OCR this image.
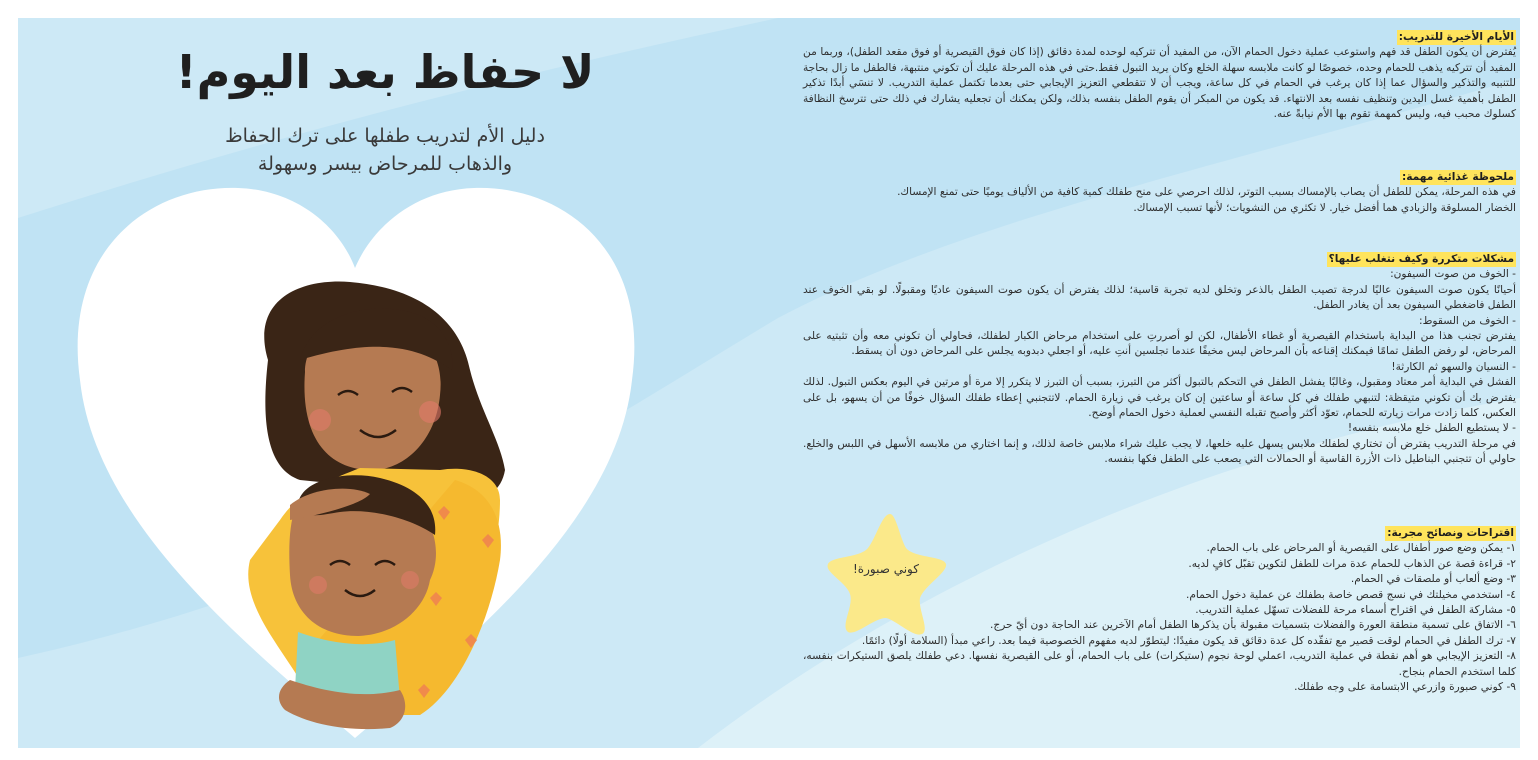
لا حفاظ بعد اليوم!
دليل الأم لتدريب طفلها على ترك الحفاظ
والذهاب للمرحاض بيسر وسهولة
كوني صبورة!
الأيام الأخيرة للتدريب:
يُفترض أن يكون الطفل قد فهم واستوعب عملية دخول الحمام الآن، من المفيد أن تتركيه لوحده لمدة دقائق (إذا كان فوق القيصرية أو فوق مقعد الطفل)، وربما من المفيد أن تتركيه يذهب للحمام وحده، خصوصًا لو كانت ملابسه سهلة الخلع وكان يريد التبول فقط.حتى في هذه المرحلة عليك أن تكوني منتبهة، فالطفل ما زال بحاجة للتنبيه والتذكير والسؤال عما إذا كان يرغب في الحمام في كل ساعة، ويجب أن لا تتقطعي التعزيز الإيجابي حتى بعدما تكتمل عملية التدريب. لا تنسَي أبدًا تذكير الطفل بأهمية غسل اليدين وتنظيف نفسه بعد الانتهاء. قد يكون من المبكر أن يقوم الطفل بنفسه بذلك، ولكن يمكنك أن تجعليه يشارك في ذلك حتى تترسخ النظافة كسلوك محبب فيه، وليس كمهمة تقوم بها الأم نيابةً عنه.
ملحوظة غذائية مهمة:
في هذه المرحلة، يمكن للطفل أن يصاب بالإمساك بسبب التوتر، لذلك احرصي على منح طفلك كمية كافية من الألياف يوميًا حتى تمنع الإمساك.
الخضار المسلوقة والزبادي هما أفضل خيار. لا تكثري من النشويات؛ لأنها تسبب الإمساك.
مشكلات متكررة وكيف نتغلب عليها؟
- الخوف من صوت السيفون:
أحيانًا يكون صوت السيفون عاليًا لدرجة تصيب الطفل بالذعر وتخلق لديه تجربة قاسية؛ لذلك يفترض أن يكون صوت السيفون عاديًا ومقبولًا. لو بقي الخوف عند الطفل فاضغطي السيفون بعد أن يغادر الطفل.
- الخوف من السقوط:
يفترض تجنب هذا من البداية باستخدام القيصرية أو غطاء الأطفال، لكن لو أصررتِ على استخدام مرحاض الكبار لطفلك، فحاولي أن تكوني معه وأن تثبتيه على المرحاض، لو رفض الطفل تمامًا فيمكنك إقناعه بأن المرحاض ليس مخيفًا عندما تجلسين أنتِ عليه، أو اجعلي دبدوبه يجلس على المرحاض دون أن يسقط.
- النسيان والسهو ثم الكارثة!
الفشل في البداية أمر معتاد ومقبول، وغالبًا يفشل الطفل في التحكم بالتبول أكثر من التبرز، بسبب أن التبرز لا يتكرر إلا مرة أو مرتين في اليوم بعكس التبول. لذلك يفترض بك أن تكوني متيقظة: لتنبهي طفلك في كل ساعة أو ساعتين إن كان يرغب في زيارة الحمام. لاتتجنبي إعطاء طفلك السؤال خوفًا من أن يسهو، بل على العكس، كلما زادت مرات زيارته للحمام، تعوّد أكثر وأصبح تقبله النفسي لعملية دخول الحمام أوضح.
- لا يستطيع الطفل خلع ملابسه بنفسه!
في مرحلة التدريب يفترض أن تختاري لطفلك ملابس يسهل عليه خلعها، لا يجب عليك شراء ملابس خاصة لذلك، و إنما اختاري من ملابسه الأسهل في اللبس والخلع. حاولي أن تتجنبي البناطيل ذات الأزرة القاسية أو الحمالات التي يصعب على الطفل فكها بنفسه.
اقتراحات ونصائح مجربة:
١- يمكن وضع صور أطفال على القيصرية أو المرحاض على باب الحمام.
٢- قراءة قصة عن الذهاب للحمام عدة مرات للطفل لتكوين تقبّل كافٍ لديه.
٣- وضع ألعاب أو ملصقات في الحمام.
٤- استخدمي مخيلتك في نسج قصص خاصة بطفلك عن عملية دخول الحمام.
٥- مشاركة الطفل في اقتراح أسماء مرحة للفضلات تسهّل عملية التدريب.
٦- الاتفاق على تسمية منطقة العورة والفضلات بتسميات مقبولة بأن يذكرها الطفل أمام الآخرين عند الحاجة دون أيّ حرج.
٧- ترك الطفل في الحمام لوقت قصير مع تفقّده كل عدة دقائق قد يكون مفيدًا: ليتطوّر لديه مفهوم الخصوصية فيما بعد. راعي مبدأ (السلامة أولًا) دائمًا.
٨- التعزيز الإيجابي هو أهم نقطة في عملية التدريب، اعملي لوحة نجوم (ستيكرات) على باب الحمام، أو على القيصرية نفسها. دعي طفلك يلصق الستيكرات بنفسه، كلما استخدم الحمام بنجاح.
٩- كوني صبورة وازرعي الابتسامة على وجه طفلك.
